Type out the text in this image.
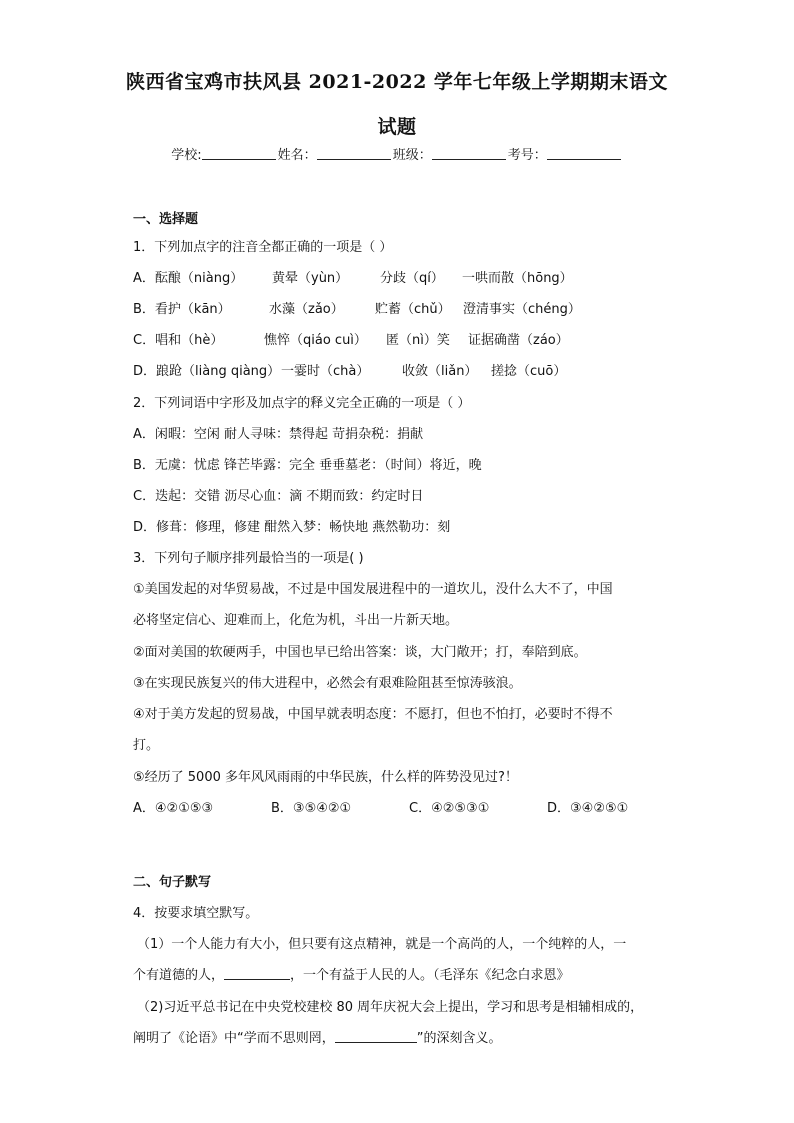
陕西省宝鸡市扶风县 2021-2022 学年七年级上学期期末语文
试题
学校:	姓名：	班级：	考号：
一、选择题
1．下列加点字的注音全都正确的一项是（ ）
A．酝酿（niàng） 黄晕（yùn） 分歧（qí） 一哄而散（hōng）
B．看护（kān）	水藻（zǎo） 贮蓄（chǔ） 澄清事实（chéng）
C．唱和（hè）	憔悴（qiáo cuì） 匿（nì）笑 证据确凿（záo）
D．踉跄（liàng qiàng）一霎时（chà）	收敛（liǎn） 搓捻（cuō）
2．下列词语中字形及加点字的释义完全正确的一项是（ ）
A．闲暇：空闲 耐人寻味：禁得起 苛捐杂税：捐献
B．无虞：忧虑 锋芒毕露：完全 垂垂墓老：（时间）将近，晚
C．迭起：交错 沥尽心血：滴 不期而致：约定时日
D．修葺：修理，修建 酣然入梦：畅快地 燕然勒功：刻
3．下列句子顺序排列最恰当的一项是( )
①美国发起的对华贸易战，不过是中国发展进程中的一道坎儿，没什么大不了，中国
必将坚定信心、迎难而上，化危为机，斗出一片新天地。
②面对美国的软硬两手，中国也早已给出答案：谈，大门敞开；打，奉陪到底。
③在实现民族复兴的伟大进程中，必然会有艰难险阻甚至惊涛骇浪。
④对于美方发起的贸易战，中国早就表明态度：不愿打，但也不怕打，必要时不得不
打。
⑤经历了 5000 多年风风雨雨的中华民族，什么样的阵势没见过?！
A．④②①⑤③	B．③⑤④②①	C．④②⑤③①	D．③④②⑤①
二、句子默写
4．按要求填空默写。
（1）一个人能力有大小，但只要有这点精神，就是一个高尚的人，一个纯粹的人，一
个有道德的人，	，一个有益于人民的人。（毛泽东《纪念白求恩》
（2)习近平总书记在中央党校建校 80 周年庆祝大会上提出，学习和思考是相辅相成的，
阐明了《论语》中“学而不思则罔，	”的深刻含义。
